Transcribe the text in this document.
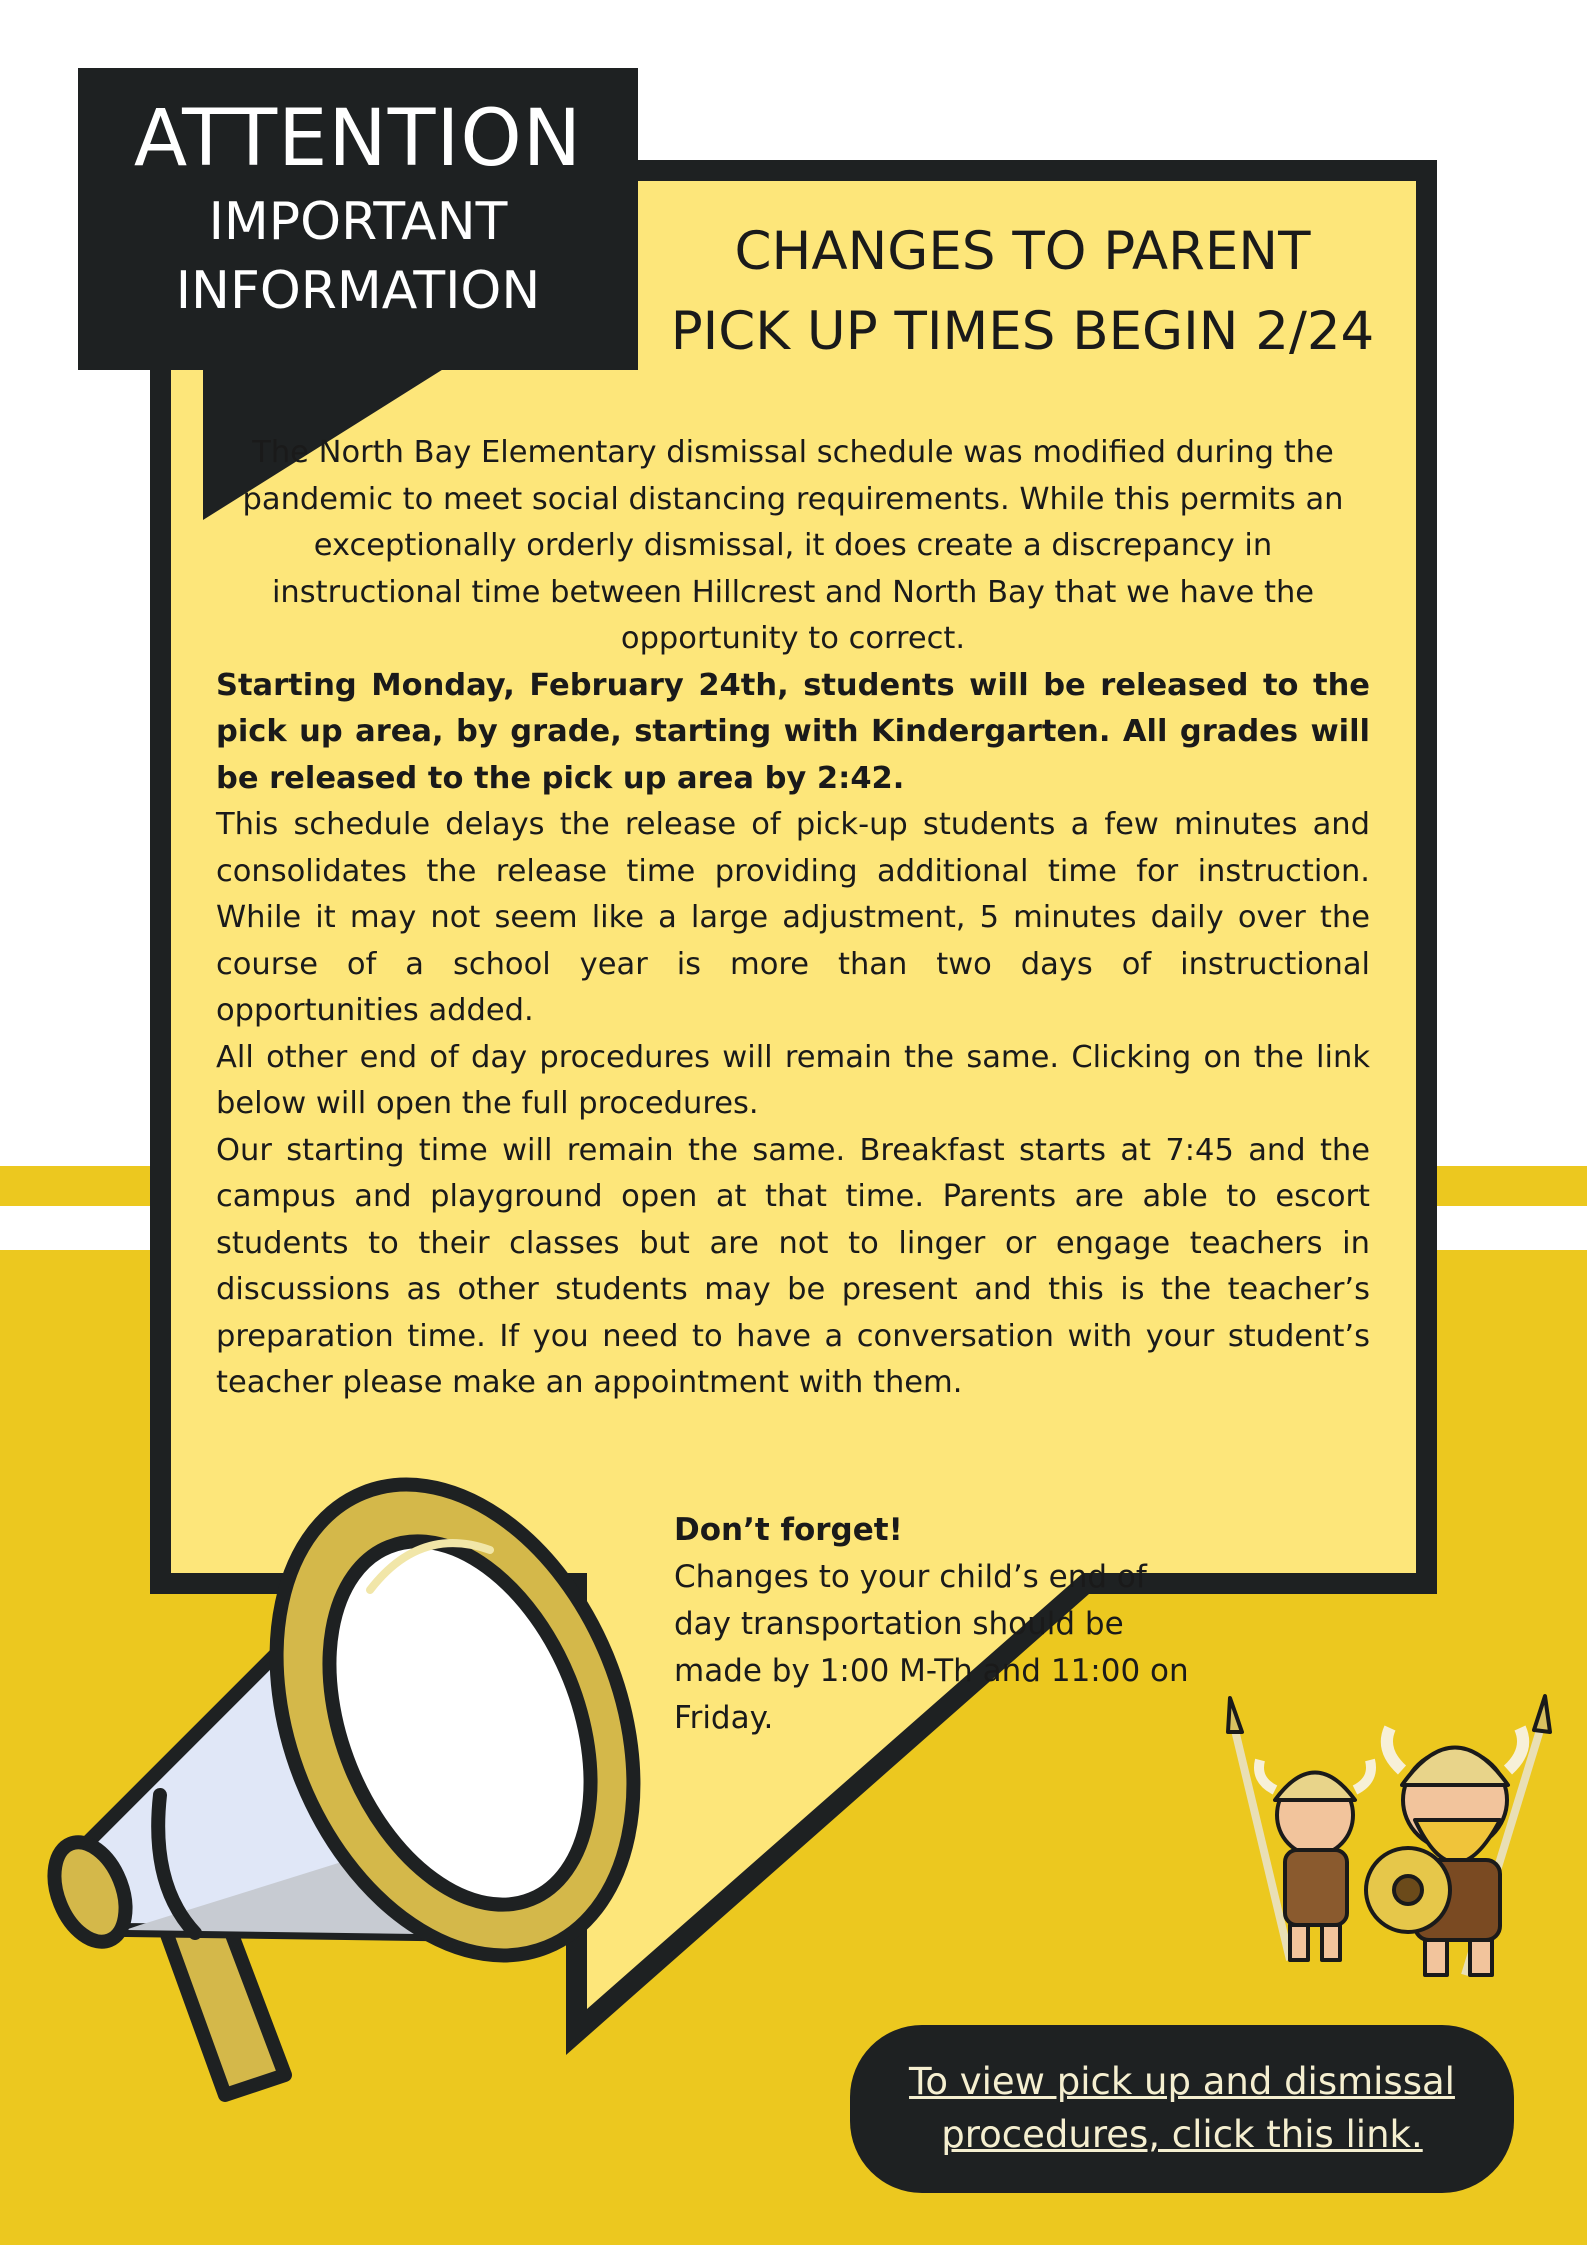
ATTENTION
IMPORTANT
INFORMATION
CHANGES TO PARENT
PICK UP TIMES BEGIN 2/24

The North Bay Elementary dismissal schedule was modified during the pandemic to meet social distancing requirements. While this permits an exceptionally orderly dismissal, it does create a discrepancy in instructional time between Hillcrest and North Bay that we have the opportunity to correct.

Starting Monday, February 24th, students will be released to the pick up area, by grade, starting with Kindergarten. All grades will be released to the pick up area by 2:42.

This schedule delays the release of pick-up students a few minutes and consolidates the release time providing additional time for instruction. While it may not seem like a large adjustment, 5 minutes daily over the course of a school year is more than two days of instructional opportunities added.

All other end of day procedures will remain the same. Clicking on the link below will open the full procedures.

Our starting time will remain the same. Breakfast starts at 7:45 and the campus and playground open at that time. Parents are able to escort students to their classes but are not to linger or engage teachers in discussions as other students may be present and this is the teacher’s preparation time. If you need to have a conversation with your student’s teacher please make an appointment with them.

Don’t forget!
Changes to your child’s end of day transportation should be made by 1:00 M-Th and 11:00 on Friday.
To view pick up and dismissal procedures, click this link.
